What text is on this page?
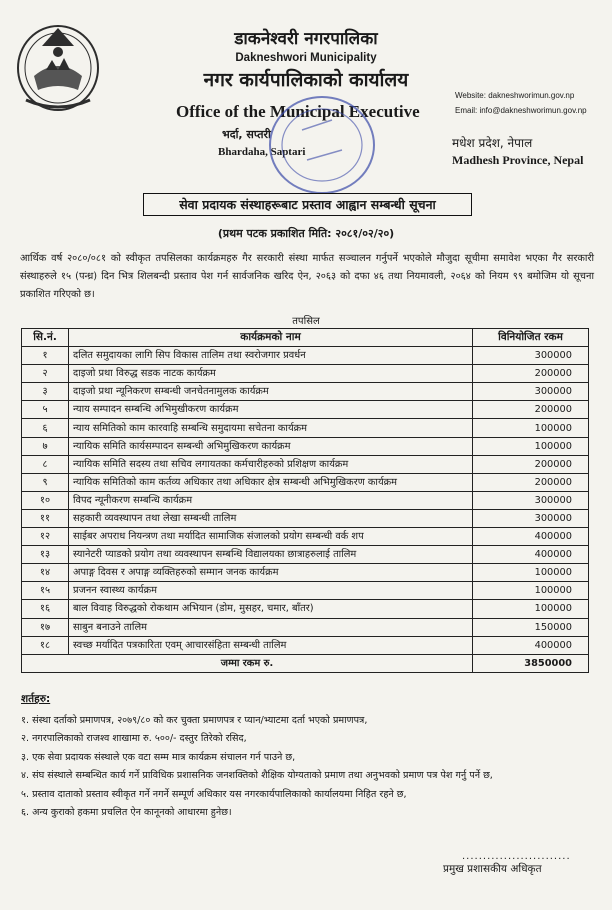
डाकनेश्वरी नगरपालिका
Dakneshwori Municipality
नगर कार्यपालिकाको कार्यालय
Office of the Municipal Executive
भर्दा, सप्तरी
Bhardaha, Saptari
Website: dakneshworimun.gov.np
Email: info@dakneshworimun.gov.np
मधेश प्रदेश, नेपाल
Madhesh Province, Nepal
सेवा प्रदायक संस्थाहरूबाट प्रस्ताव आह्वान सम्बन्धी सूचना
(प्रथम पटक प्रकाशित मिति: २०८१/०२/२०)
आर्थिक वर्ष २०८०/०८१ को स्वीकृत तपसिलका कार्यक्रमहरु गैर सरकारी संस्था मार्फत सञ्चालन गर्नुपर्ने भएकोले मौजुदा सूचीमा समावेश भएका गैर सरकारी संस्थाहरुले १५ (पन्ध्र) दिन भित्र शिलबन्दी प्रस्ताव पेश गर्न सार्वजनिक खरिद ऐन, २०६३ को दफा ४६ तथा नियमावली, २०६४ को नियम ९९ बमोजिम यो सूचना प्रकाशित गरिएको छ।
तपसिल
सि.नं.	कार्यक्रमको नाम	विनियोजित रकम
१	दलित समुदायका लागि सिप विकास तालिम तथा स्वरोजगार प्रवर्धन	300000
२	दाइजो प्रथा विरुद्ध सडक नाटक कार्यक्रम	200000
३	दाइजो प्रथा न्यूनिकरण सम्बन्धी जनचेतनामुलक कार्यक्रम	300000
५	न्याय सम्पादन सम्बन्धि अभिमुखीकरण कार्यक्रम	200000
६	न्याय समितिको काम कारवाहि सम्बन्धि समुदायमा सचेतना कार्यक्रम	100000
७	न्यायिक समिति कार्यसम्पादन सम्बन्धी अभिमुखिकरण कार्यक्रम	100000
८	न्यायिक समिति सदस्य तथा सचिव लगायतका कर्मचारीहरुको प्रशिक्षण कार्यक्रम	200000
९	न्यायिक समितिको काम कर्तव्य अधिकार तथा अधिकार क्षेत्र सम्बन्धी अभिमुखिकरण कार्यक्रम	200000
१०	विपद न्यूनीकरण सम्बन्धि कार्यक्रम	300000
११	सहकारी व्यवस्थापन तथा लेखा सम्बन्धी तालिम	300000
१२	साईबर अपराध नियन्त्रण तथा मर्यादित सामाजिक संजालको प्रयोग सम्बन्धी वर्क शप	400000
१३	स्यानेटरी प्याडको प्रयोग तथा व्यवस्थापन सम्बन्धि विद्यालयका छात्राहरुलाई तालिम	400000
१४	अपाङ्ग दिवस र अपाङ्ग व्यक्तिहरुको सम्मान जनक कार्यक्रम	100000
१५	प्रजनन स्वास्थ्य कार्यक्रम	100000
१६	बाल विवाह विरुद्धको रोकथाम अभियान (डोम, मुसहर, चमार, बाँतर)	100000
१७	साबुन बनाउने तालिम	150000
१८	स्वच्छ मर्यादित पत्रकारिता एवम् आचारसंहिता सम्बन्धी तालिम	400000
जम्मा रकम रु.		3850000
शर्तहरु:
१. संस्था दर्ताको प्रमाणपत्र, २०७९/८० को कर चुक्ता प्रमाणपत्र र प्यान/भ्याटमा दर्ता भएको प्रमाणपत्र,
२. नगरपालिकाको राजश्व शाखामा रु. ५००/- दस्तुर तिरेको रसिद,
३. एक सेवा प्रदायक संस्थाले एक वटा सम्म मात्र कार्यक्रम संचालन गर्न पाउने छ,
४. संघ संस्थाले सम्बन्धित कार्य गर्ने प्राविधिक प्रशासनिक जनशक्तिको शैक्षिक योग्यताको प्रमाण तथा अनुभवको प्रमाण पत्र पेश गर्नु पर्ने छ,
५. प्रस्ताव दाताको प्रस्ताव स्वीकृत गर्ने नगर्ने सम्पूर्ण अधिकार यस नगरकार्यपालिकाको कार्यालयमा निहित रहने छ,
६. अन्य कुराको हकमा प्रचलित ऐन कानूनको आधारमा हुनेछ।
..........................
प्रमुख प्रशासकीय अधिकृत
